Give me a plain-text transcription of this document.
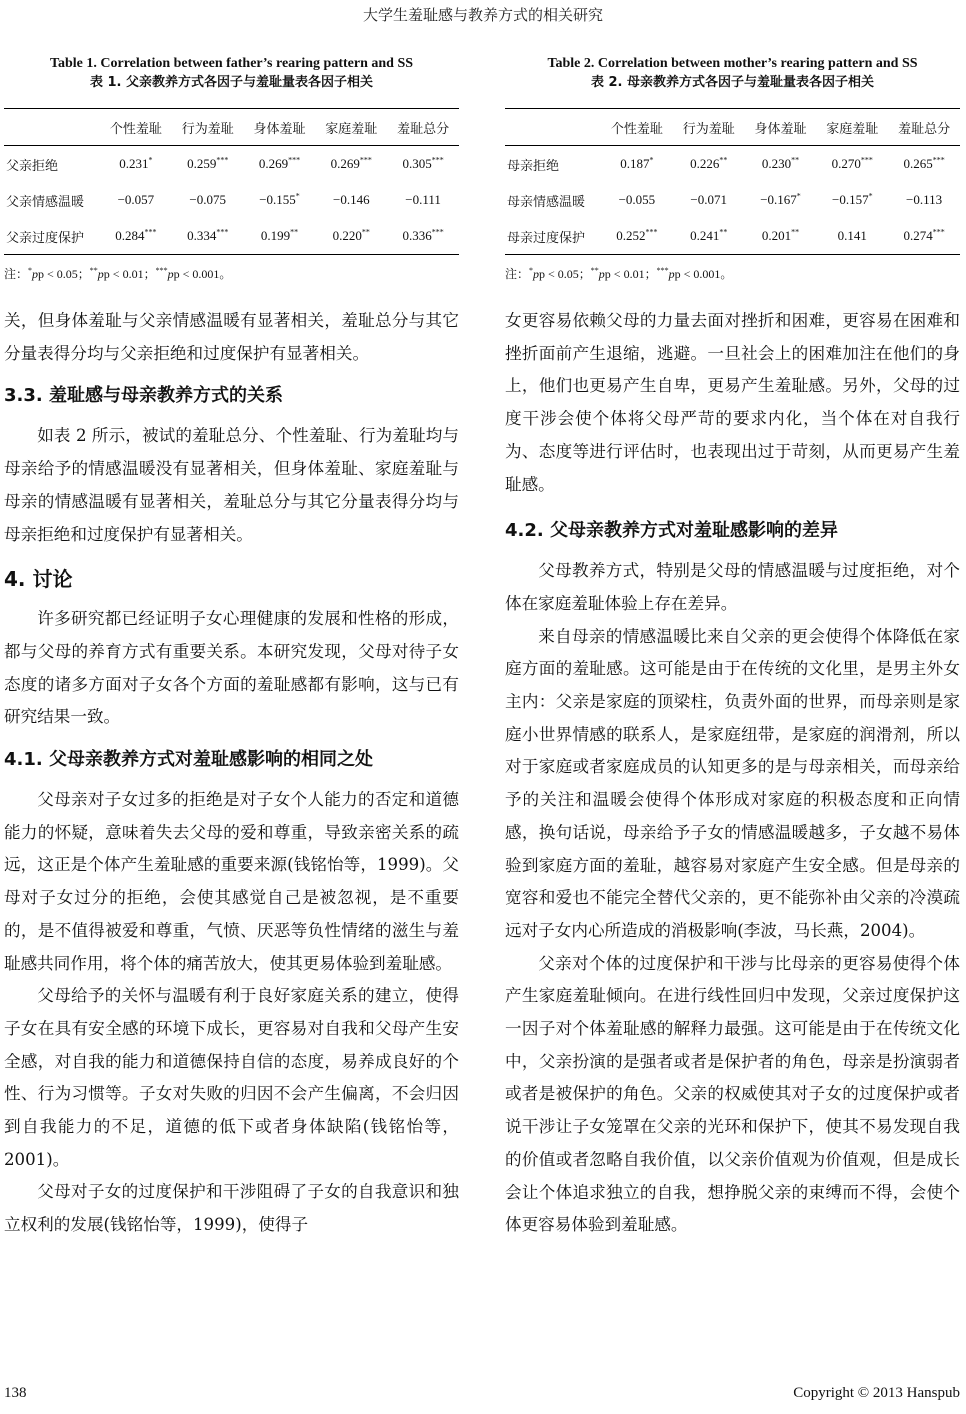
大学生羞耻感与教养方式的相关研究
Table 1. Correlation between father’s rearing pattern and SS
表 1. 父亲教养方式各因子与羞耻量表各因子相关
	个性羞耻	行为羞耻	身体羞耻	家庭羞耻	羞耻总分
父亲拒绝	0.231*	0.259***	0.269***	0.269***	0.305***
父亲情感温暖	−0.057	−0.075	−0.155*	−0.146	−0.111
父亲过度保护	0.284***	0.334***	0.199**	0.220**	0.336***
注：*pp < 0.05；**pp < 0.01；***pp < 0.001。

关，但身体羞耻与父亲情感温暖有显著相关，羞耻总分与其它分量表得分均与父亲拒绝和过度保护有显著相关。

3.3. 羞耻感与母亲教养方式的关系

如表 2 所示，被试的羞耻总分、个性羞耻、行为羞耻均与母亲给予的情感温暖没有显著相关，但身体羞耻、家庭羞耻与母亲的情感温暖有显著相关，羞耻总分与其它分量表得分均与母亲拒绝和过度保护有显著相关。

4. 讨论

许多研究都已经证明子女心理健康的发展和性格的形成，都与父母的养育方式有重要关系。本研究发现，父母对待子女态度的诸多方面对子女各个方面的羞耻感都有影响，这与已有研究结果一致。

4.1. 父母亲教养方式对羞耻感影响的相同之处

父母亲对子女过多的拒绝是对子女个人能力的否定和道德能力的怀疑，意味着失去父母的爱和尊重，导致亲密关系的疏远，这正是个体产生羞耻感的重要来源(钱铭怡等，1999)。父母对子女过分的拒绝，会使其感觉自己是被忽视，是不重要的，是不值得被爱和尊重，气愤、厌恶等负性情绪的滋生与羞耻感共同作用，将个体的痛苦放大，使其更易体验到羞耻感。

父母给予的关怀与温暖有利于良好家庭关系的建立，使得子女在具有安全感的环境下成长，更容易对自我和父母产生安全感，对自我的能力和道德保持自信的态度，易养成良好的个性、行为习惯等。子女对失败的归因不会产生偏离，不会归因到自我能力的不足，道德的低下或者身体缺陷(钱铭怡等，2001)。

父母对子女的过度保护和干涉阻碍了子女的自我意识和独立权利的发展(钱铭怡等，1999)，使得子

Table 2. Correlation between mother’s rearing pattern and SS
表 2. 母亲教养方式各因子与羞耻量表各因子相关
	个性羞耻	行为羞耻	身体羞耻	家庭羞耻	羞耻总分
母亲拒绝	0.187*	0.226**	0.230**	0.270***	0.265***
母亲情感温暖	−0.055	−0.071	−0.167*	−0.157*	−0.113
母亲过度保护	0.252***	0.241**	0.201**	0.141	0.274***
注：*pp < 0.05；**pp < 0.01；***pp < 0.001。

女更容易依赖父母的力量去面对挫折和困难，更容易在困难和挫折面前产生退缩，逃避。一旦社会上的困难加注在他们的身上，他们也更易产生自卑，更易产生羞耻感。另外，父母的过度干涉会使个体将父母严苛的要求内化，当个体在对自我行为、态度等进行评估时，也表现出过于苛刻，从而更易产生羞耻感。

4.2. 父母亲教养方式对羞耻感影响的差异

父母教养方式，特别是父母的情感温暖与过度拒绝，对个体在家庭羞耻体验上存在差异。

来自母亲的情感温暖比来自父亲的更会使得个体降低在家庭方面的羞耻感。这可能是由于在传统的文化里，是男主外女主内：父亲是家庭的顶梁柱，负责外面的世界，而母亲则是家庭小世界情感的联系人，是家庭纽带，是家庭的润滑剂，所以对于家庭或者家庭成员的认知更多的是与母亲相关，而母亲给予的关注和温暖会使得个体形成对家庭的积极态度和正向情感，换句话说，母亲给予子女的情感温暖越多，子女越不易体验到家庭方面的羞耻，越容易对家庭产生安全感。但是母亲的宽容和爱也不能完全替代父亲的，更不能弥补由父亲的冷漠疏远对子女内心所造成的消极影响(李波，马长燕，2004)。

父亲对个体的过度保护和干涉与比母亲的更容易使得个体产生家庭羞耻倾向。在进行线性回归中发现，父亲过度保护这一因子对个体羞耻感的解释力最强。这可能是由于在传统文化中，父亲扮演的是强者或者是保护者的角色，母亲是扮演弱者或者是被保护的角色。父亲的权威使其对子女的过度保护或者说干涉让子女笼罩在父亲的光环和保护下，使其不易发现自我的价值或者忽略自我价值，以父亲价值观为价值观，但是成长会让个体追求独立的自我，想挣脱父亲的束缚而不得，会使个体更容易体验到羞耻感。

138	Copyright © 2013 Hanspub
